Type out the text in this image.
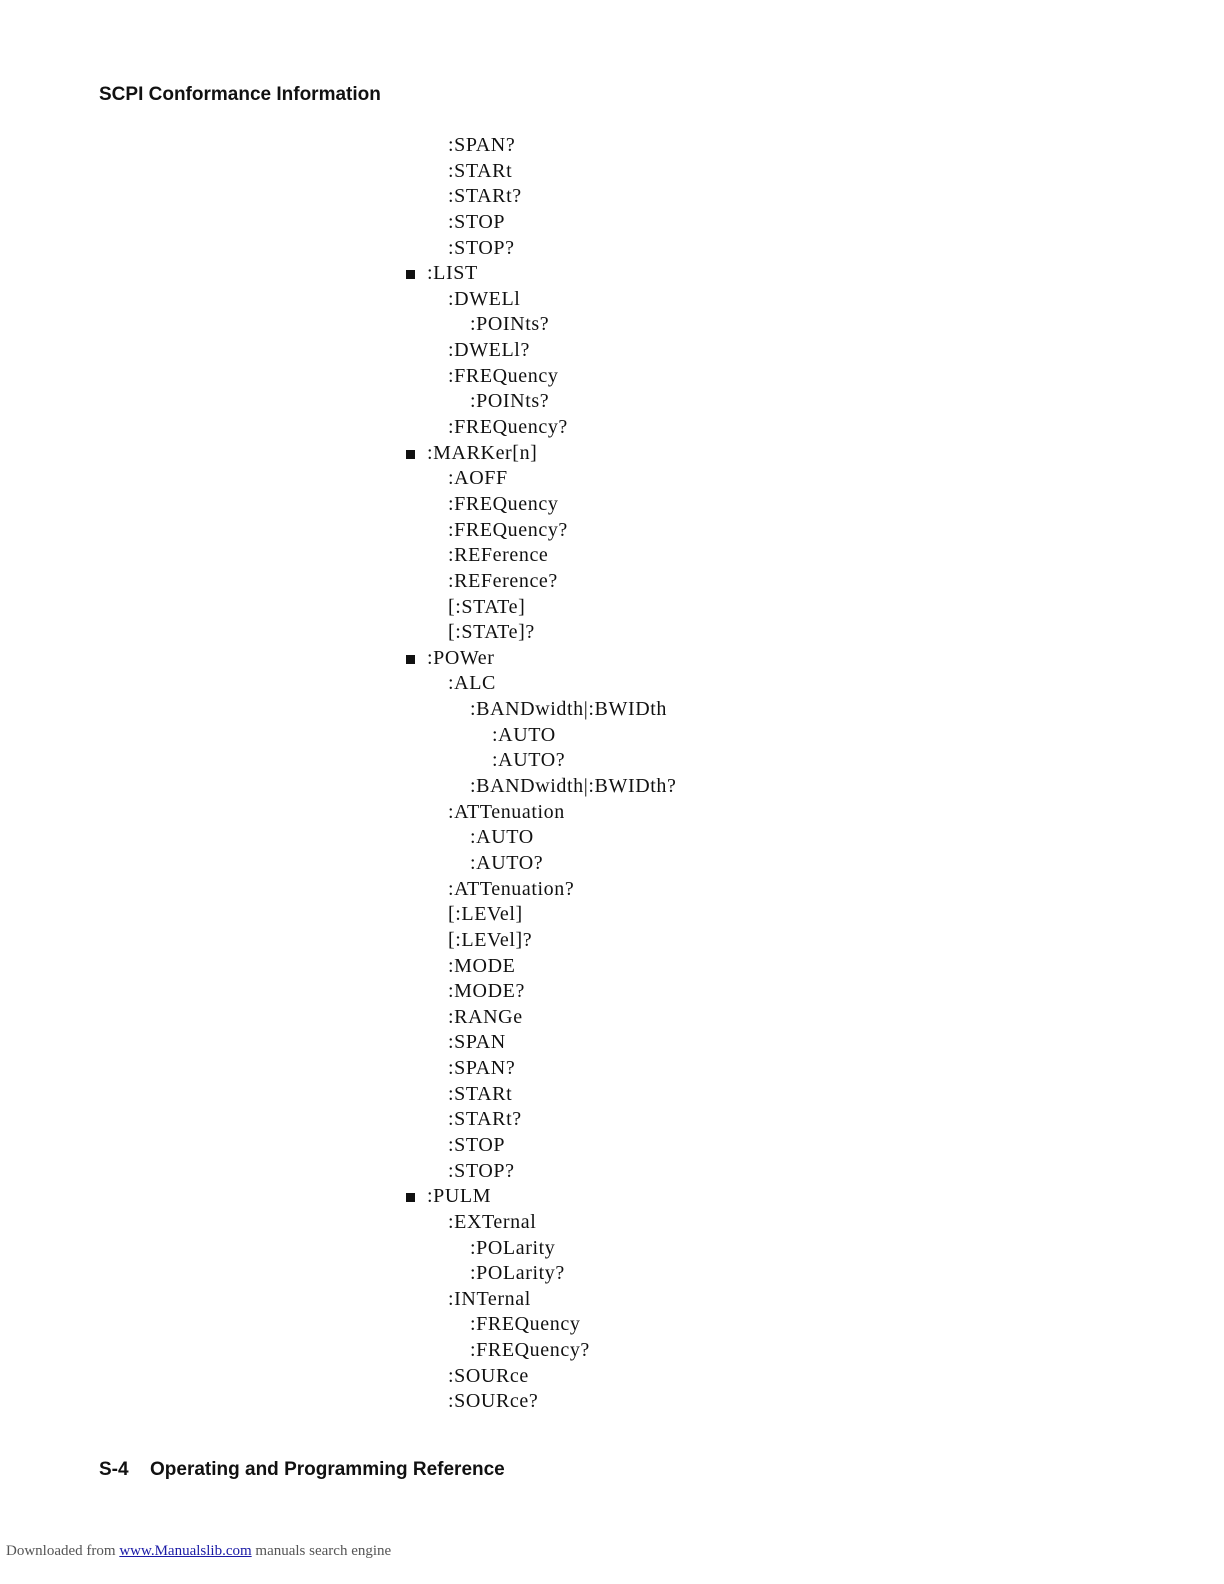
SCPI Conformance Information
:SPAN?
:STARt
:STARt?
:STOP
:STOP?
:LIST
:DWELl
:POINts?
:DWELl?
:FREQuency
:POINts?
:FREQuency?
:MARKer[n]
:AOFF
:FREQuency
:FREQuency?
:REFerence
:REFerence?
[:STATe]
[:STATe]?
:POWer
:ALC
:BANDwidth|:BWIDth
:AUTO
:AUTO?
:BANDwidth|:BWIDth?
:ATTenuation
:AUTO
:AUTO?
:ATTenuation?
[:LEVel]
[:LEVel]?
:MODE
:MODE?
:RANGe
:SPAN
:SPAN?
:STARt
:STARt?
:STOP
:STOP?
:PULM
:EXTernal
:POLarity
:POLarity?
:INTernal
:FREQuency
:FREQuency?
:SOURce
:SOURce?
S-4 Operating and Programming Reference
Downloaded from www.Manualslib.com manuals search engine
